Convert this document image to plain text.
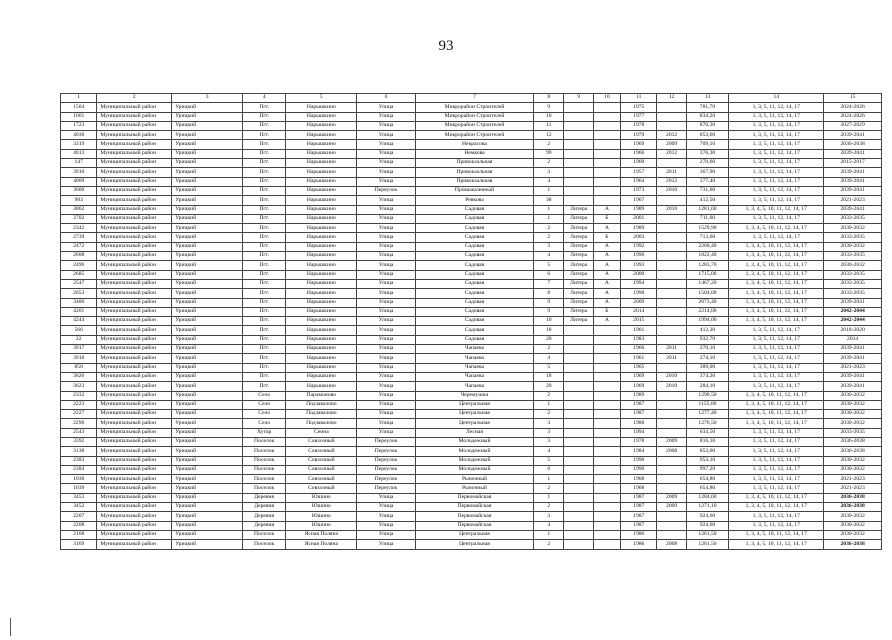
93
1	2	3	4	5	6	7	8	9	10	11	12	13	14	15
1504	Муниципальный район	Урицкий	Пгт.	Нарышкино	Улица	Микрорайон Строителей	9			1975		781,70	1, 3, 5, 11, 12, 14, 17	2024-2026
1661	Муниципальный район	Урицкий	Пгт.	Нарышкино	Улица	Микрорайон Строителей	10			1977		834,20	1, 3, 5, 11, 12, 14, 17	2024-2026
1723	Муниципальный район	Урицкий	Пгт.	Нарышкино	Улица	Микрорайон Строителей	11			1978		870,30	1, 3, 5, 11, 12, 14, 17	2027-2029
4038	Муниципальный район	Урицкий	Пгт.	Нарышкино	Улица	Микрорайон Строителей	12			1979	2012	853,60	1, 3, 5, 11, 12, 14, 17	2039-2041
3319	Муниципальный район	Урицкий	Пгт.	Нарышкино	Улица	Некрасова	2			1969	2009	709,10	1, 3, 5, 11, 12, 14, 17	2036-2038
4013	Муниципальный район	Урицкий	Пгт.	Нарышкино	Улица	Немкова	99			1966	2012	376,30	1, 3, 5, 11, 12, 14, 17	2039-2041
147	Муниципальный район	Урицкий	Пгт.	Нарышкино	Улица	Привокзальная	2			1960		270,60	1, 3, 5, 11, 12, 14, 17	2015-2017
3910	Муниципальный район	Урицкий	Пгт.	Нарышкино	Улица	Привокзальная	3			1957	2011	367,90	1, 3, 5, 11, 12, 14, 17	2039-2041
4009	Муниципальный район	Урицкий	Пгт.	Нарышкино	Улица	Привокзальная	4			1964	2012	377,40	1, 3, 5, 11, 12, 14, 17	2039-2041
3600	Муниципальный район	Урицкий	Пгт.	Нарышкино	Переулок	Промышленный	1			1973	2010	731,60	1, 3, 5, 11, 12, 14, 17	2039-2041
983	Муниципальный район	Урицкий	Пгт.	Нарышкино	Улица	Ревкова	38			1967		412,50	1, 3, 5, 11, 12, 14, 17	2021-2023
3862	Муниципальный район	Урицкий	Пгт.	Нарышкино	Улица	Садовая	1	Литера	А	1989	2010	1281,60	1, 3, 4, 5, 10, 11, 12, 14, 17	2039-2041
2702	Муниципальный район	Урицкий	Пгт.	Нарышкино	Улица	Садовая	1	Литера	Б	2001		711,60	1, 3, 5, 11, 12, 14, 17	2033-2035
2342	Муниципальный район	Урицкий	Пгт.	Нарышкино	Улица	Садовая	2	Литера	А	1989		1529,90	1, 3, 4, 5, 10, 11, 12, 14, 17	2030-2032
2739	Муниципальный район	Урицкий	Пгт.	Нарышкино	Улица	Садовая	2	Литера	Б	2003		713,60	1, 3, 5, 11, 12, 14, 17	2033-2035
2472	Муниципальный район	Урицкий	Пгт.	Нарышкино	Улица	Садовая	3	Литера	А	1992		2260,40	1, 3, 4, 5, 10, 11, 12, 14, 17	2030-2032
2608	Муниципальный район	Урицкий	Пгт.	Нарышкино	Улица	Садовая	4	Литера	А	1996		1822,40	1, 3, 4, 5, 10, 11, 12, 14, 17	2033-2035
2496	Муниципальный район	Урицкий	Пгт.	Нарышкино	Улица	Садовая	5	Литера	А	1993		1283,70	1, 3, 4, 5, 10, 11, 12, 14, 17	2030-2032
2685	Муниципальный район	Урицкий	Пгт.	Нарышкино	Улица	Садовая	6	Литера	А	2000		1715,00	1, 3, 4, 5, 10, 11, 12, 14, 17	2033-2035
2547	Муниципальный район	Урицкий	Пгт.	Нарышкино	Улица	Садовая	7	Литера	А	1994		1467,20	1, 3, 4, 5, 10, 11, 12, 14, 17	2033-2035
2653	Муниципальный район	Урицкий	Пгт.	Нарышкино	Улица	Садовая	8	Литера	А	1998		1504,00	1, 3, 4, 5, 10, 11, 12, 14, 17	2033-2035
3480	Муниципальный район	Урицкий	Пгт.	Нарышкино	Улица	Садовая	9	Литера	А	2009		2073,40	1, 3, 4, 5, 10, 11, 12, 14, 17	2039-2041
4201	Муниципальный район	Урицкий	Пгт.	Нарышкино	Улица	Садовая	9	Литера	Б	2014		2214,00	1, 3, 4, 5, 10, 11, 12, 14, 17	2042-2044
4244	Муниципальный район	Урицкий	Пгт.	Нарышкино	Улица	Садовая	10	Литера	А	2015		1994,00	1, 3, 4, 5, 10, 11, 12, 14, 17	2042-2044
566	Муниципальный район	Урицкий	Пгт.	Нарышкино	Улица	Садовая	18			1961		412,30	1, 3, 5, 11, 12, 14, 17	2018-2020
22	Муниципальный район	Урицкий	Пгт.	Нарышкино	Улица	Садовая	20			1983		932,70	1, 3, 5, 11, 12, 14, 17	2014
3917	Муниципальный район	Урицкий	Пгт.	Нарышкино	Улица	Чапаева	2			1960	2011	270,10	1, 3, 5, 11, 12, 14, 17	2039-2041
3918	Муниципальный район	Урицкий	Пгт.	Нарышкино	Улица	Чапаева	4			1961	2011	274,10	1, 3, 5, 11, 12, 14, 17	2039-2041
850	Муниципальный район	Урицкий	Пгт.	Нарышкино	Улица	Чапаева	5			1965		389,00	1, 3, 5, 11, 12, 14, 17	2021-2023
3626	Муниципальный район	Урицкий	Пгт.	Нарышкино	Улица	Чапаева	18			1969	2010	374,20	1, 3, 5, 11, 12, 14, 17	2039-2041
3623	Муниципальный район	Урицкий	Пгт.	Нарышкино	Улица	Чапаева	20			1969	2010	284,10	1, 3, 5, 11, 12, 14, 17	2039-2041
2332	Муниципальный район	Урицкий	Село	Парамоново	Улица	Черемушки	2			1989		1290,50	1, 3, 4, 5, 10, 11, 12, 14, 17	2030-2032
2223	Муниципальный район	Урицкий	Село	Подзавалово	Улица	Центральная	1			1987		1155,00	1, 3, 4, 5, 10, 11, 12, 14, 17	2030-2032
2227	Муниципальный район	Урицкий	Село	Подзавалово	Улица	Центральная	2			1987		1277,40	1, 3, 4, 5, 10, 11, 12, 14, 17	2030-2032
2296	Муниципальный район	Урицкий	Село	Подзавалово	Улица	Центральная	3			1988		1276,50	1, 3, 4, 5, 10, 11, 12, 14, 17	2030-2032
2543	Муниципальный район	Урицкий	Хутор	Сенна	Улица	Лесная	3			1994		634,50	1, 3, 5, 11, 12, 14, 17	2033-2035
3392	Муниципальный район	Урицкий	Поселок	Совхозный	Переулок	Молодежный	3			1978	2009	816,10	1, 3, 5, 11, 12, 14, 17	2036-2038
3138	Муниципальный район	Урицкий	Поселок	Совхозный	Переулок	Молодежный	4			1984	2008	853,60	1, 3, 5, 11, 12, 14, 17	2036-2038
2383	Муниципальный район	Урицкий	Поселок	Совхозный	Переулок	Молодежный	5			1990		953,10	1, 3, 5, 11, 12, 14, 17	2030-2032
2384	Муниципальный район	Урицкий	Поселок	Совхозный	Переулок	Молодежный	6			1990		997,20	1, 3, 5, 11, 12, 14, 17	2030-2032
1038	Муниципальный район	Урицкий	Поселок	Совхозный	Переулок	Рыночный	1			1968		654,80	1, 3, 5, 11, 12, 14, 17	2021-2023
1039	Муниципальный район	Урицкий	Поселок	Совхозный	Переулок	Рыночный	2			1968		654,80	1, 3, 5, 11, 12, 14, 17	2021-2023
3453	Муниципальный район	Урицкий	Деревня	Юшино	Улица	Первомайская	1			1987	2009	1284,60	1, 3, 4, 5, 10, 11, 12, 14, 17	2036-2038
3452	Муниципальный район	Урицкий	Деревня	Юшино	Улица	Первомайская	2			1987	2009	1271,10	1, 3, 4, 5, 10, 11, 12, 14, 17	2036-2038
2207	Муниципальный район	Урицкий	Деревня	Юшино	Улица	Первомайская	3			1987		924,60	1, 3, 5, 11, 12, 14, 17	2030-2032
2208	Муниципальный район	Урицкий	Деревня	Юшино	Улица	Первомайская	4			1987		924,60	1, 3, 5, 11, 12, 14, 17	2030-2032
2168	Муниципальный район	Урицкий	Поселок	Ясная Поляна	Улица	Центральная	1			1986		1261,50	1, 3, 4, 5, 10, 11, 12, 14, 17	2030-2032
3169	Муниципальный район	Урицкий	Поселок	Ясная Поляна	Улица	Центральная	2			1986	2008	1261,50	1, 3, 4, 5, 10, 11, 12, 14, 17	2036-2038
